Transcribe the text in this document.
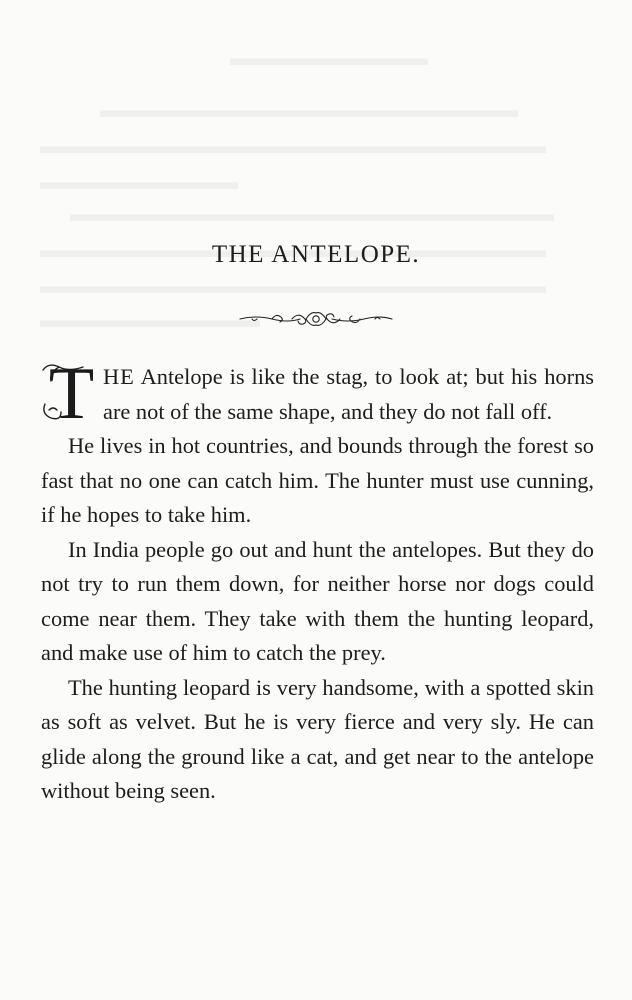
THE ANTELOPE.

T HE Antelope is like the stag, to look at; but his horns are not of the same shape, and they do not fall off.

He lives in hot countries, and bounds through the forest so fast that no one can catch him. The hunter must use cunning, if he hopes to take him.

In India people go out and hunt the antelopes. But they do not try to run them down, for neither horse nor dogs could come near them. They take with them the hunting leopard, and make use of him to catch the prey.

The hunting leopard is very handsome, with a spotted skin as soft as velvet. But he is very fierce and very sly. He can glide along the ground like a cat, and get near to the antelope without being seen.
